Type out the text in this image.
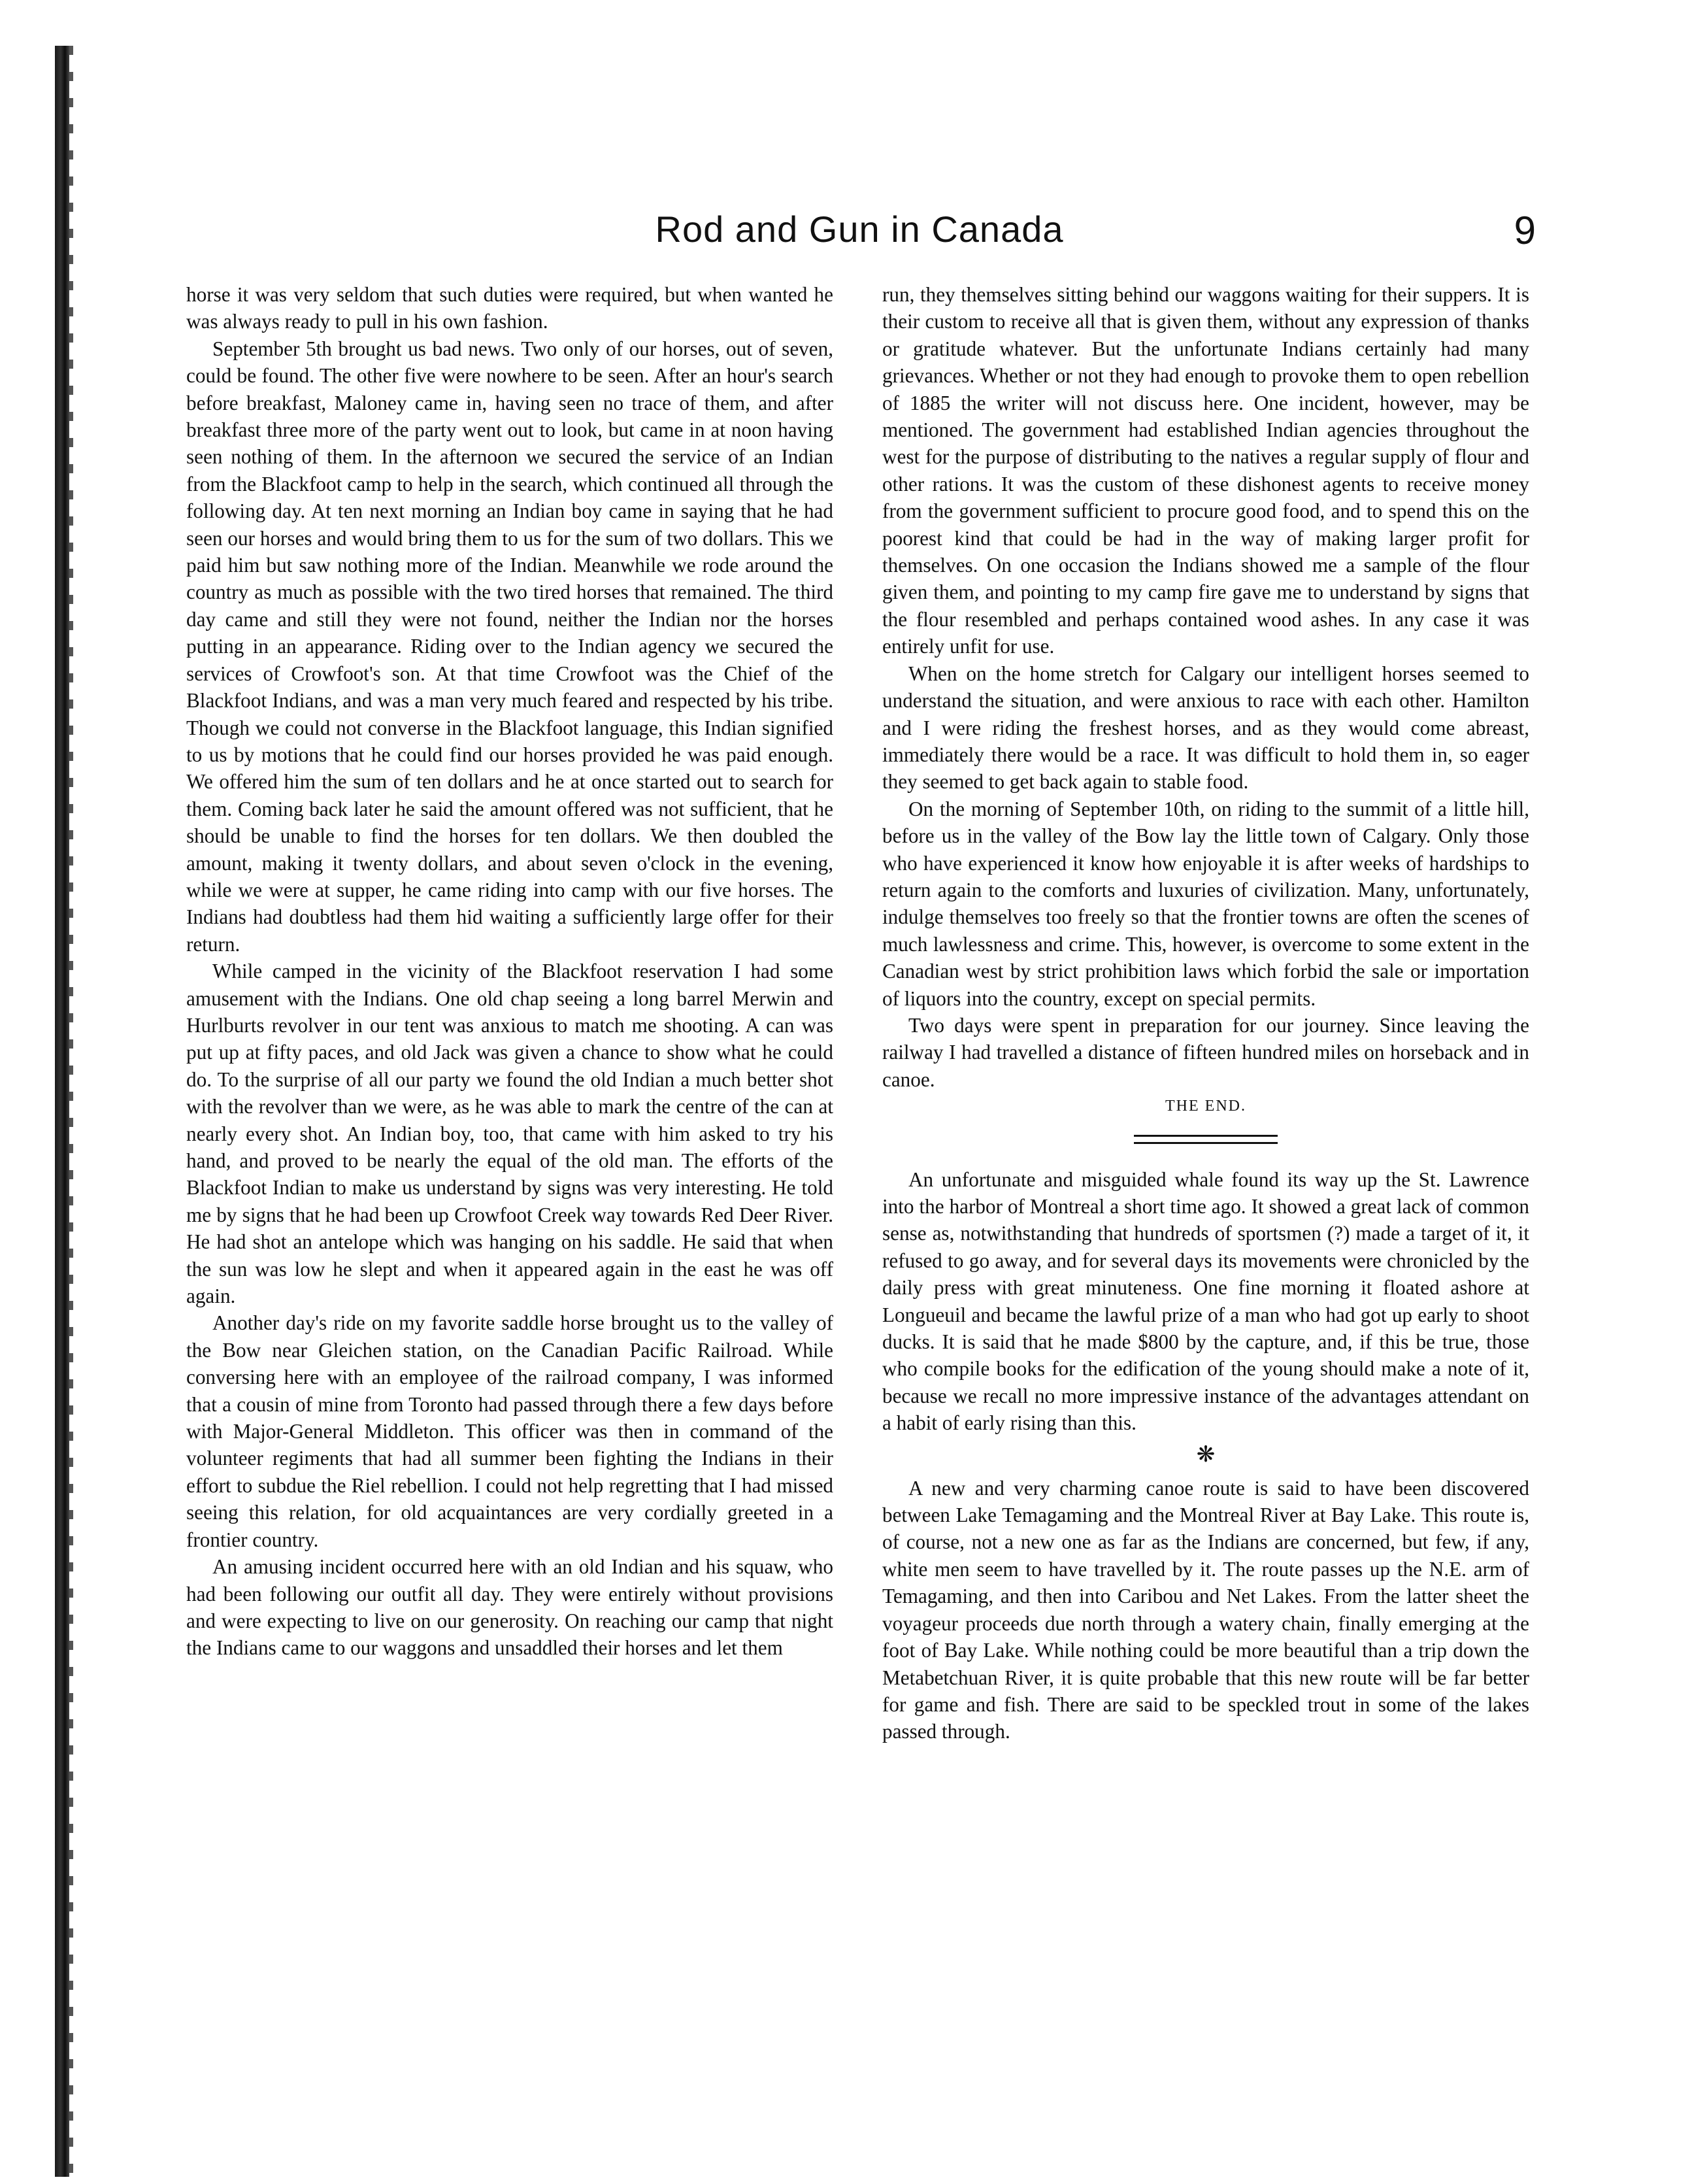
Rod and Gun in Canada	9

horse it was very seldom that such duties were required, but when wanted he was always ready to pull in his own fashion.

September 5th brought us bad news. Two only of our horses, out of seven, could be found. The other five were nowhere to be seen. After an hour's search before breakfast, Maloney came in, having seen no trace of them, and after breakfast three more of the party went out to look, but came in at noon having seen nothing of them. In the afternoon we secured the service of an Indian from the Blackfoot camp to help in the search, which continued all through the following day. At ten next morning an Indian boy came in saying that he had seen our horses and would bring them to us for the sum of two dollars. This we paid him but saw nothing more of the Indian. Meanwhile we rode around the country as much as possible with the two tired horses that remained. The third day came and still they were not found, neither the Indian nor the horses putting in an appearance. Riding over to the Indian agency we secured the services of Crowfoot's son. At that time Crowfoot was the Chief of the Blackfoot Indians, and was a man very much feared and respected by his tribe. Though we could not converse in the Blackfoot language, this Indian signified to us by motions that he could find our horses provided he was paid enough. We offered him the sum of ten dollars and he at once started out to search for them. Coming back later he said the amount offered was not sufficient, that he should be unable to find the horses for ten dollars. We then doubled the amount, making it twenty dollars, and about seven o'clock in the evening, while we were at supper, he came riding into camp with our five horses. The Indians had doubtless had them hid waiting a sufficiently large offer for their return.

While camped in the vicinity of the Blackfoot reservation I had some amusement with the Indians. One old chap seeing a long barrel Merwin and Hurlburts revolver in our tent was anxious to match me shooting. A can was put up at fifty paces, and old Jack was given a chance to show what he could do. To the surprise of all our party we found the old Indian a much better shot with the revolver than we were, as he was able to mark the centre of the can at nearly every shot. An Indian boy, too, that came with him asked to try his hand, and proved to be nearly the equal of the old man. The efforts of the Blackfoot Indian to make us understand by signs was very interesting. He told me by signs that he had been up Crowfoot Creek way towards Red Deer River. He had shot an antelope which was hanging on his saddle. He said that when the sun was low he slept and when it appeared again in the east he was off again.

Another day's ride on my favorite saddle horse brought us to the valley of the Bow near Gleichen station, on the Canadian Pacific Railroad. While conversing here with an employee of the railroad company, I was informed that a cousin of mine from Toronto had passed through there a few days before with Major-General Middleton. This officer was then in command of the volunteer regiments that had all summer been fighting the Indians in their effort to subdue the Riel rebellion. I could not help regretting that I had missed seeing this relation, for old acquaintances are very cordially greeted in a frontier country.

An amusing incident occurred here with an old Indian and his squaw, who had been following our outfit all day. They were entirely without provisions and were expecting to live on our generosity. On reaching our camp that night the Indians came to our waggons and unsaddled their horses and let them

run, they themselves sitting behind our waggons waiting for their suppers. It is their custom to receive all that is given them, without any expression of thanks or gratitude whatever. But the unfortunate Indians certainly had many grievances. Whether or not they had enough to provoke them to open rebellion of 1885 the writer will not discuss here. One incident, however, may be mentioned. The government had established Indian agencies throughout the west for the purpose of distributing to the natives a regular supply of flour and other rations. It was the custom of these dishonest agents to receive money from the government sufficient to procure good food, and to spend this on the poorest kind that could be had in the way of making larger profit for themselves. On one occasion the Indians showed me a sample of the flour given them, and pointing to my camp fire gave me to understand by signs that the flour resembled and perhaps contained wood ashes. In any case it was entirely unfit for use.

When on the home stretch for Calgary our intelligent horses seemed to understand the situation, and were anxious to race with each other. Hamilton and I were riding the freshest horses, and as they would come abreast, immediately there would be a race. It was difficult to hold them in, so eager they seemed to get back again to stable food.

On the morning of September 10th, on riding to the summit of a little hill, before us in the valley of the Bow lay the little town of Calgary. Only those who have experienced it know how enjoyable it is after weeks of hardships to return again to the comforts and luxuries of civilization. Many, unfortunately, indulge themselves too freely so that the frontier towns are often the scenes of much lawlessness and crime. This, however, is overcome to some extent in the Canadian west by strict prohibition laws which forbid the sale or importation of liquors into the country, except on special permits.

Two days were spent in preparation for our journey. Since leaving the railway I had travelled a distance of fifteen hundred miles on horseback and in canoe.

THE END.

An unfortunate and misguided whale found its way up the St. Lawrence into the harbor of Montreal a short time ago. It showed a great lack of common sense as, notwithstanding that hundreds of sportsmen (?) made a target of it, it refused to go away, and for several days its movements were chronicled by the daily press with great minuteness. One fine morning it floated ashore at Longueuil and became the lawful prize of a man who had got up early to shoot ducks. It is said that he made $800 by the capture, and, if this be true, those who compile books for the edification of the young should make a note of it, because we recall no more impressive instance of the advantages attendant on a habit of early rising than this.

❋

A new and very charming canoe route is said to have been discovered between Lake Temagaming and the Montreal River at Bay Lake. This route is, of course, not a new one as far as the Indians are concerned, but few, if any, white men seem to have travelled by it. The route passes up the N.E. arm of Temagaming, and then into Caribou and Net Lakes. From the latter sheet the voyageur proceeds due north through a watery chain, finally emerging at the foot of Bay Lake. While nothing could be more beautiful than a trip down the Metabetchuan River, it is quite probable that this new route will be far better for game and fish. There are said to be speckled trout in some of the lakes passed through.
